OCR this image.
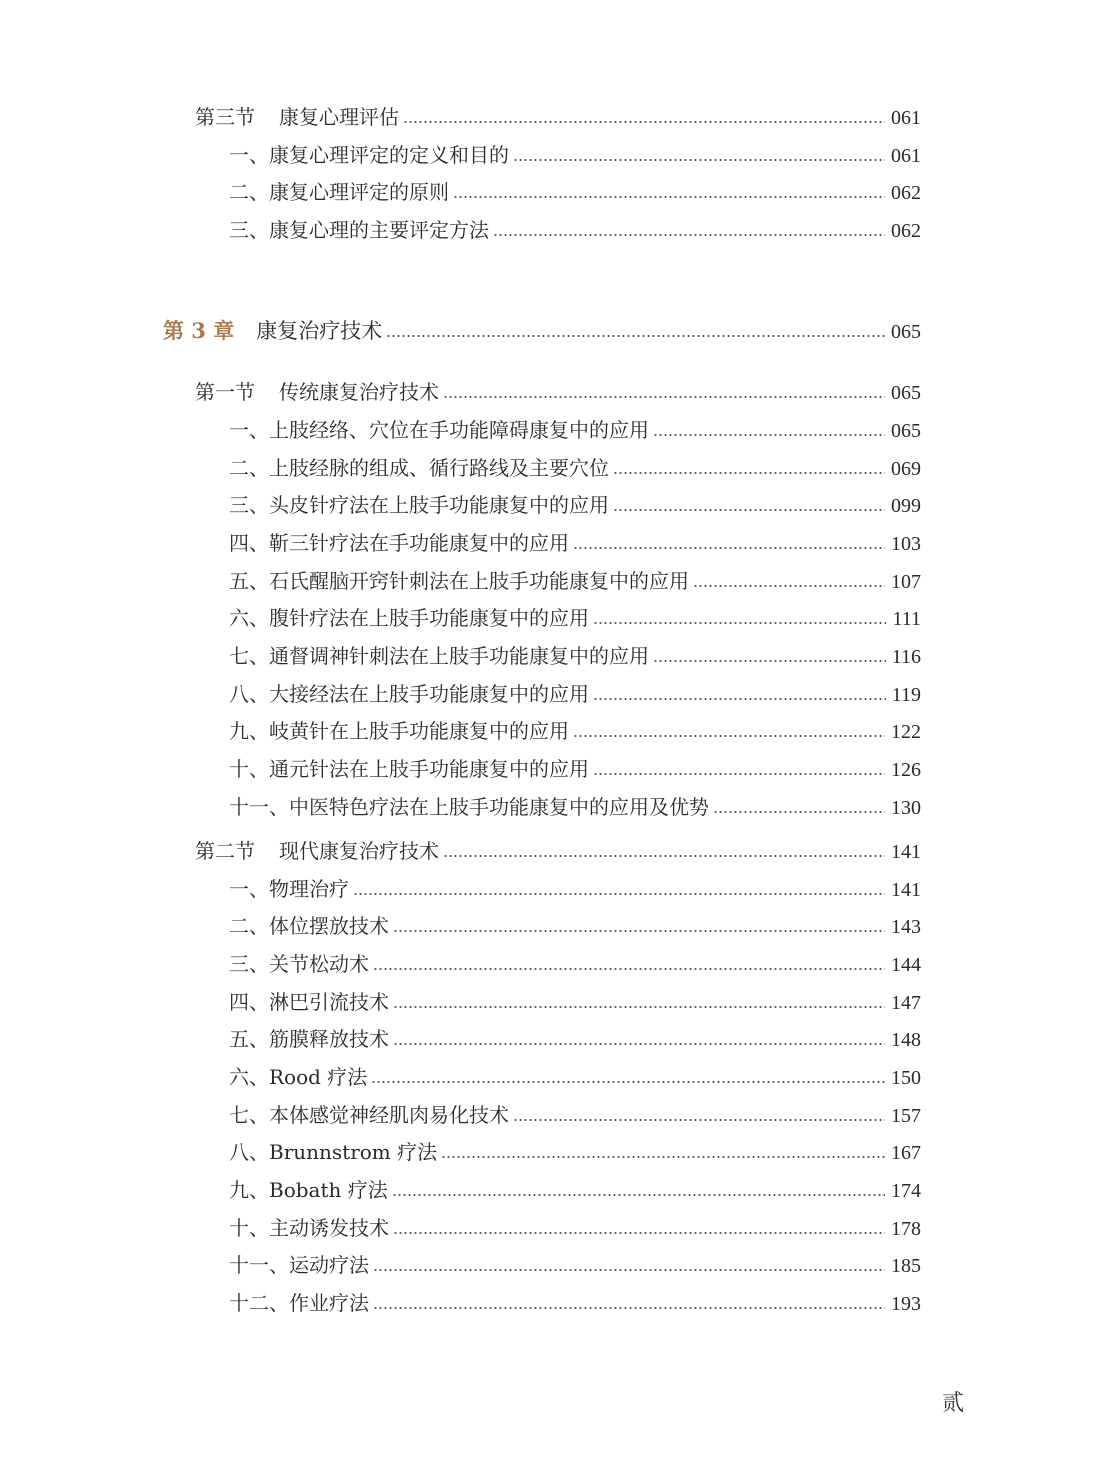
第三节 康复心理评估	061
一、康复心理评定的定义和目的	061
二、康复心理评定的原则	062
三、康复心理的主要评定方法	062
第 3 章 康复治疗技术	065
第一节 传统康复治疗技术	065
一、上肢经络、穴位在手功能障碍康复中的应用	065
二、上肢经脉的组成、循行路线及主要穴位	069
三、头皮针疗法在上肢手功能康复中的应用	099
四、靳三针疗法在手功能康复中的应用	103
五、石氏醒脑开窍针刺法在上肢手功能康复中的应用	107
六、腹针疗法在上肢手功能康复中的应用	111
七、通督调神针刺法在上肢手功能康复中的应用	116
八、大接经法在上肢手功能康复中的应用	119
九、岐黄针在上肢手功能康复中的应用	122
十、通元针法在上肢手功能康复中的应用	126
十一、中医特色疗法在上肢手功能康复中的应用及优势	130
第二节 现代康复治疗技术	141
一、物理治疗	141
二、体位摆放技术	143
三、关节松动术	144
四、淋巴引流技术	147
五、筋膜释放技术	148
六、Rood 疗法	150
七、本体感觉神经肌肉易化技术	157
八、Brunnstrom 疗法	167
九、Bobath 疗法	174
十、主动诱发技术	178
十一、运动疗法	185
十二、作业疗法	193
贰
